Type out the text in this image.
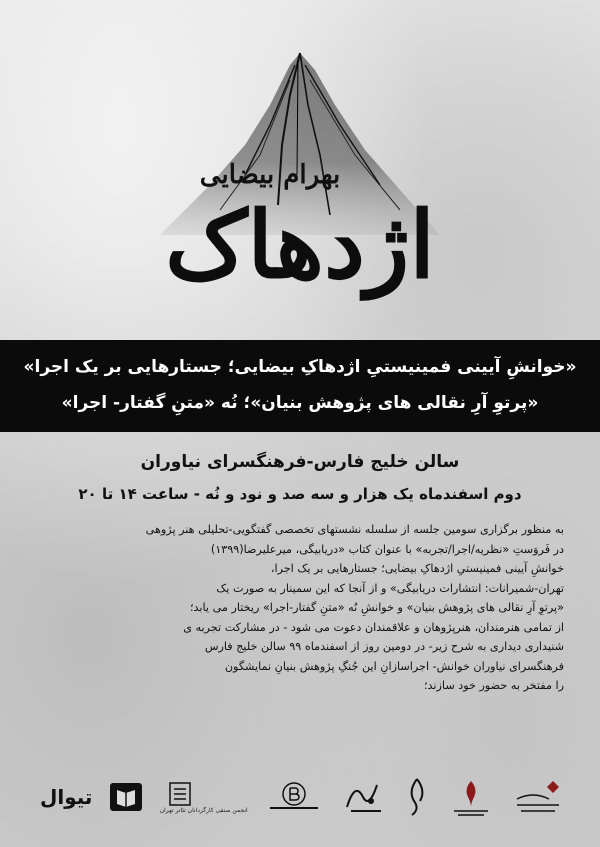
بهرام بیضایی
اژدهاک
«خوانشِ آیینی فمینیستیِ اژدهاکِ بیضایی؛ جستارهایی بر یک اجرا»
«پرتوِ آرِ نقالی های پژوهش بنیان»؛ نُه «متنِ گفتار- اجرا»
سالن خلیج فارس-فرهنگسرای نیاوران
دوم اسفندماه یک هزار و سه صد و نود و نُه - ساعت ۱۴ تا ۲۰
به منظور برگزاری سومین جلسه از سلسله نشستهای تخصصی گفتگویی-تحلیلی هنر پژوهی
در فَروَستِ «نظریه/اجرا/تجربه» با عنوان کتاب «دریابیگی، میرعلیرضا(۱۳۹۹)
خوانشِ آیینی فمینیستیِ اژدهاکِ بیضایی؛ جستارهایی بر یک اجرا،
تهران-شمیرانات: انتشارات دریابیگی» و از آنجا که این سمینار به صورت یک
«پرتوِ آرِ نقالی های پژوهش بنیان» و خوانشِ نُه «متنِ گفتار-اجرا» ریختار می یابد؛
از تمامی هنرمندان، هنرپژوهان و علاقمندان دعوت می شود - در مشارکت تجربه ی
شنیداری دیداری به شرح زیر- در دومین روز از اسفندماه ۹۹ سالن خلیج فارس
فرهنگسرای نیاوران خوانش- اجراسازانِ این جُنگِ پژوهش بنیانِ نمایشگون
را مفتخر به حضور خود سازند؛
تیوال
انجمن صنفی کارگردانان تئاتر تهران
